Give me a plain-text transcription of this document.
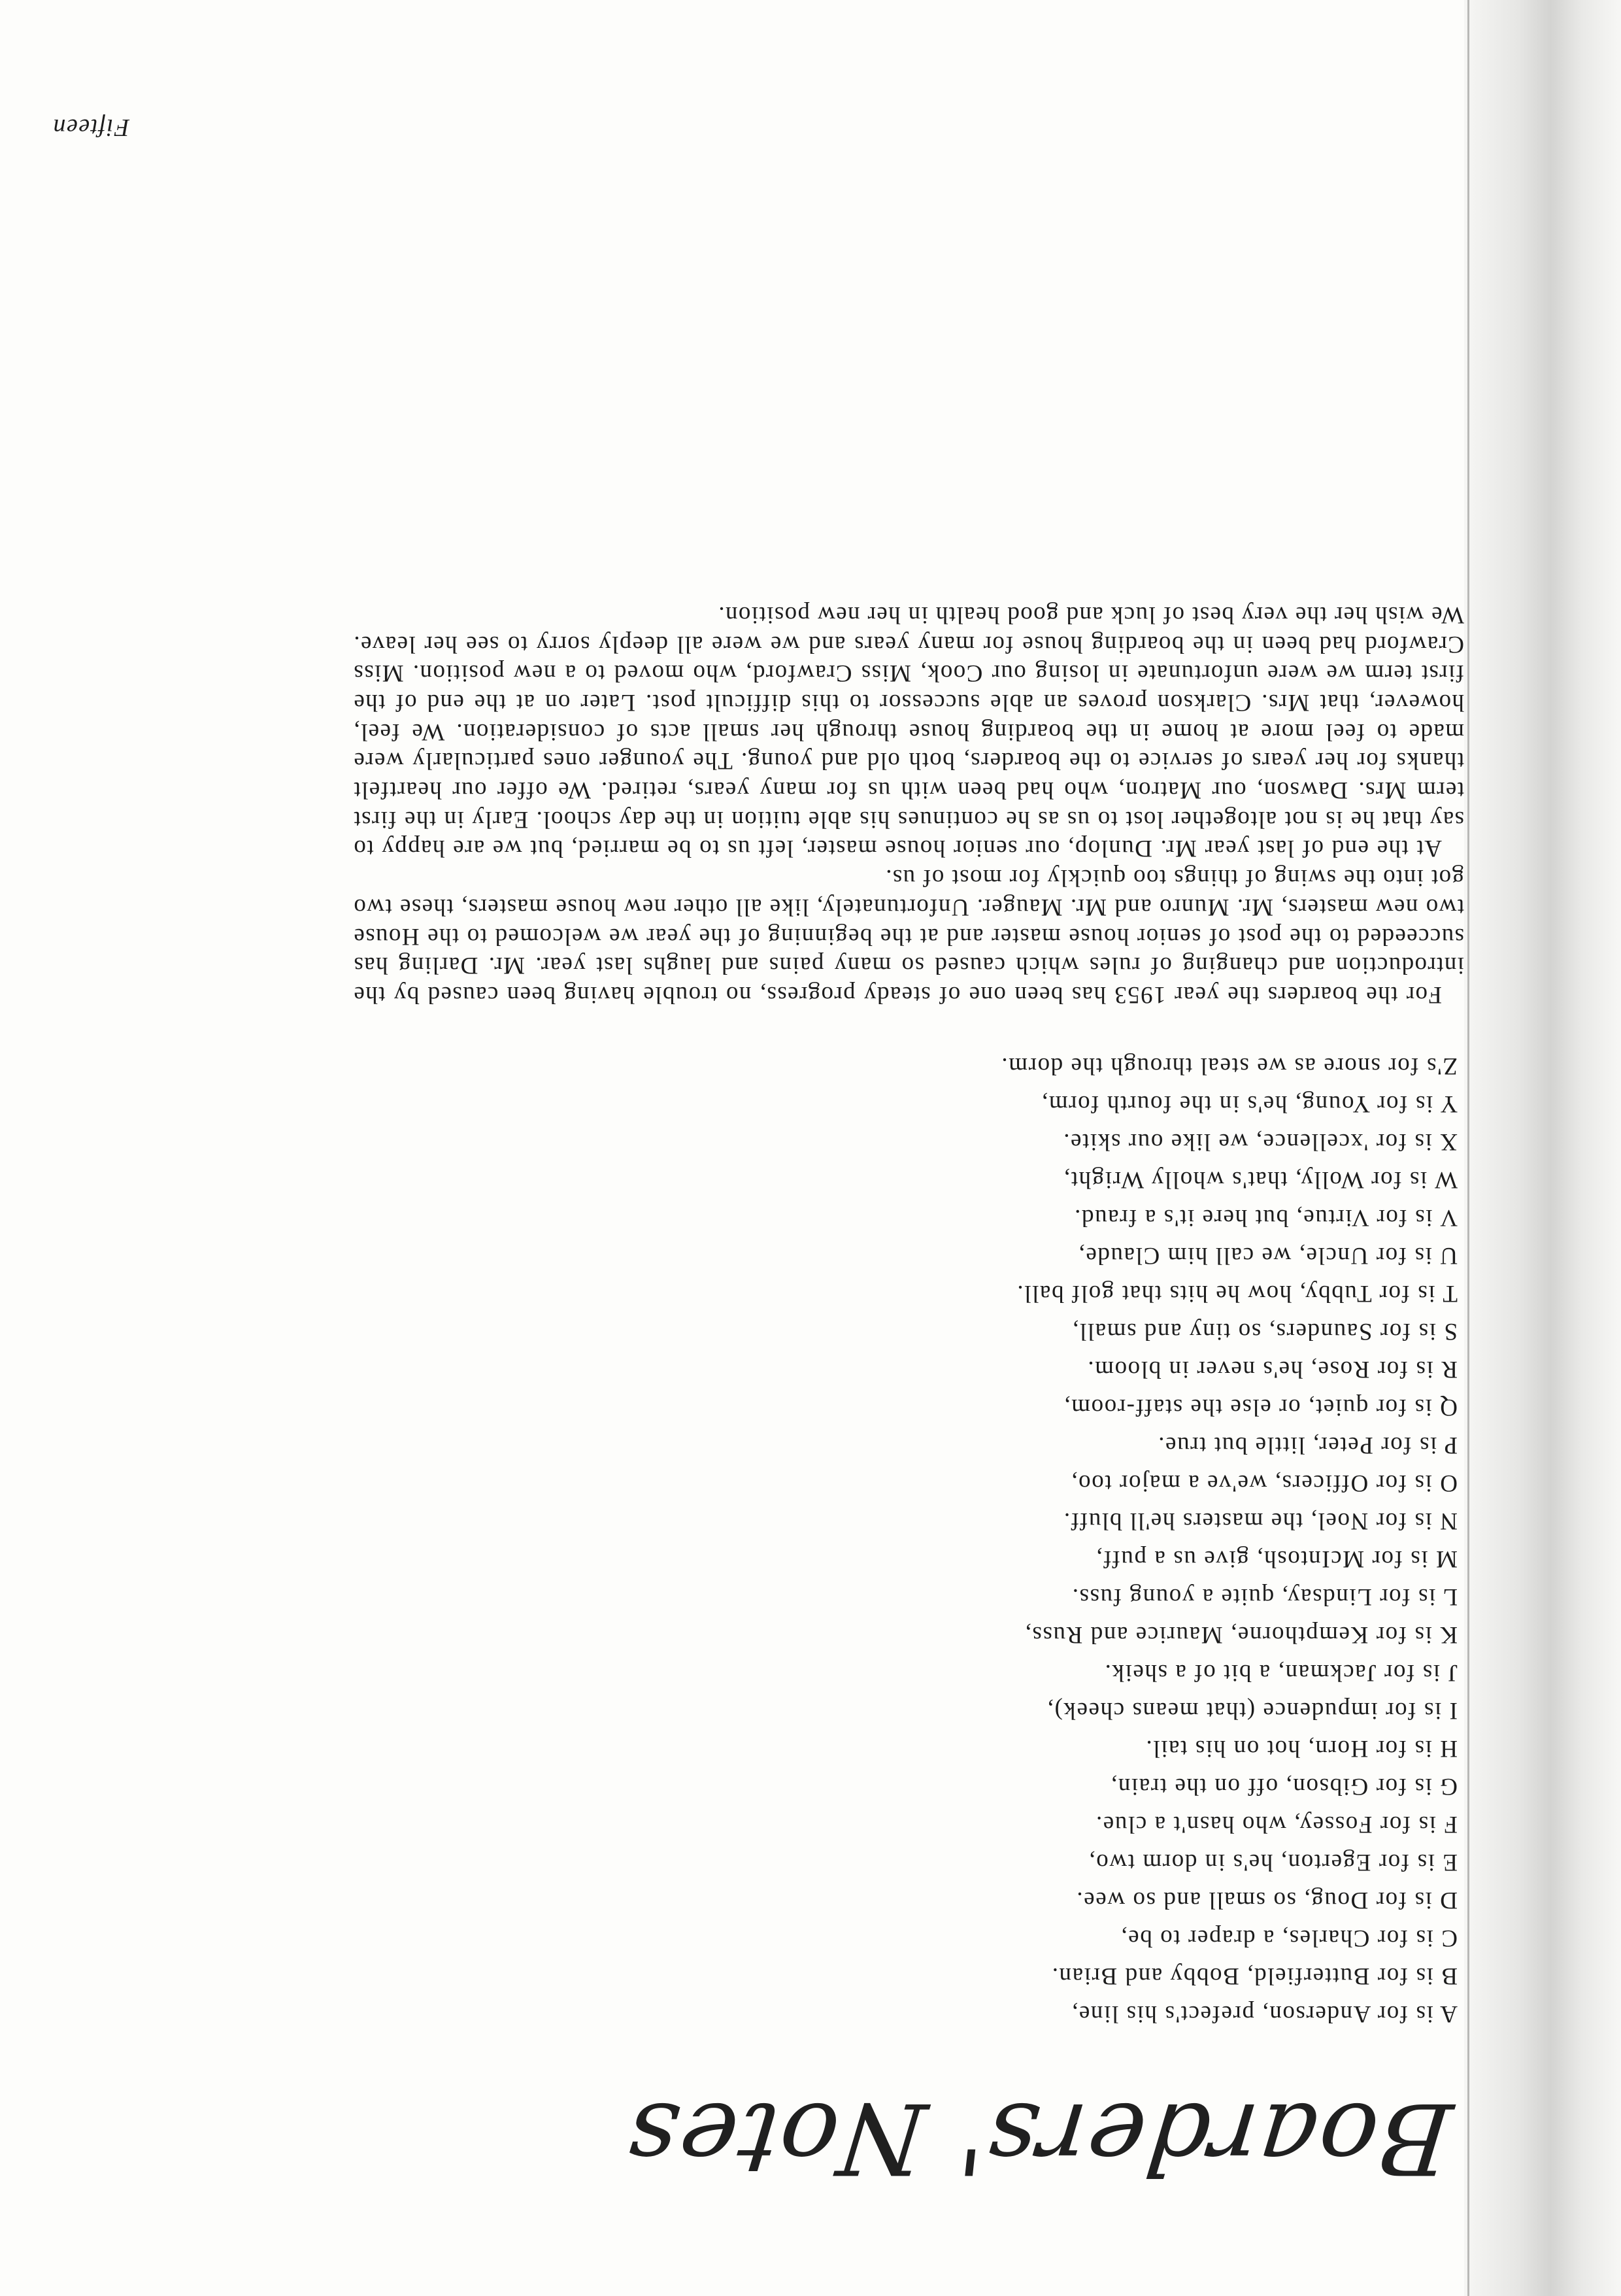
Boarders' Notes
A is for Anderson, prefect's his line,
B is for Butterfield, Bobby and Brian.
C is for Charles, a draper to be,
D is for Doug, so small and so wee.
E is for Egerton, he's in dorm two,
F is for Fossey, who hasn't a clue.
G is for Gibson, off on the train,
H is for Horn, hot on his tail.
I is for impudence (that means cheek),
J is for Jackman, a bit of a sheik.
K is for Kempthorne, Maurice and Russ,
L is for Lindsay, quite a young fuss.
M is for McIntosh, give us a puff,
N is for Noel, the masters he'll bluff.
O is for Officers, we've a major too,
P is for Peter, little but true.
Q is for quiet, or else the staff-room,
R is for Rose, he's never in bloom.
S is for Saunders, so tiny and small,
T is for Tubby, how he hits that golf ball.
U is for Uncle, we call him Claude,
V is for Virtue, but here it's a fraud.
W is for Wolly, that's wholly Wright,
X is for 'xcellence, we like our skite.
Y is for Young, he's in the fourth form,
Z's for snore as we steal through the dorm.

For the boarders the year 1953 has been one of steady progress, no trouble having been caused by the introduction and changing of rules which caused so many pains and laughs last year. Mr. Darling has succeeded to the post of senior house master and at the beginning of the year we welcomed to the House two new masters, Mr. Munro and Mr. Mauger. Unfortunately, like all other new house masters, these two got into the swing of things too quickly for most of us.

At the end of last year Mr. Dunlop, our senior house master, left us to be married, but we are happy to say that he is not altogether lost to us as he continues his able tuition in the day school. Early in the first term Mrs. Dawson, our Matron, who had been with us for many years, retired. We offer our heartfelt thanks for her years of service to the boarders, both old and young. The younger ones particularly were made to feel more at home in the boarding house through her small acts of consideration. We feel, however, that Mrs. Clarkson proves an able successor to this difficult post. Later on at the end of the first term we were unfortunate in losing our Cook, Miss Crawford, who moved to a new position. Miss Crawford had been in the boarding house for many years and we were all deeply sorry to see her leave. We wish her the very best of luck and good health in her new position.

Fifteen
